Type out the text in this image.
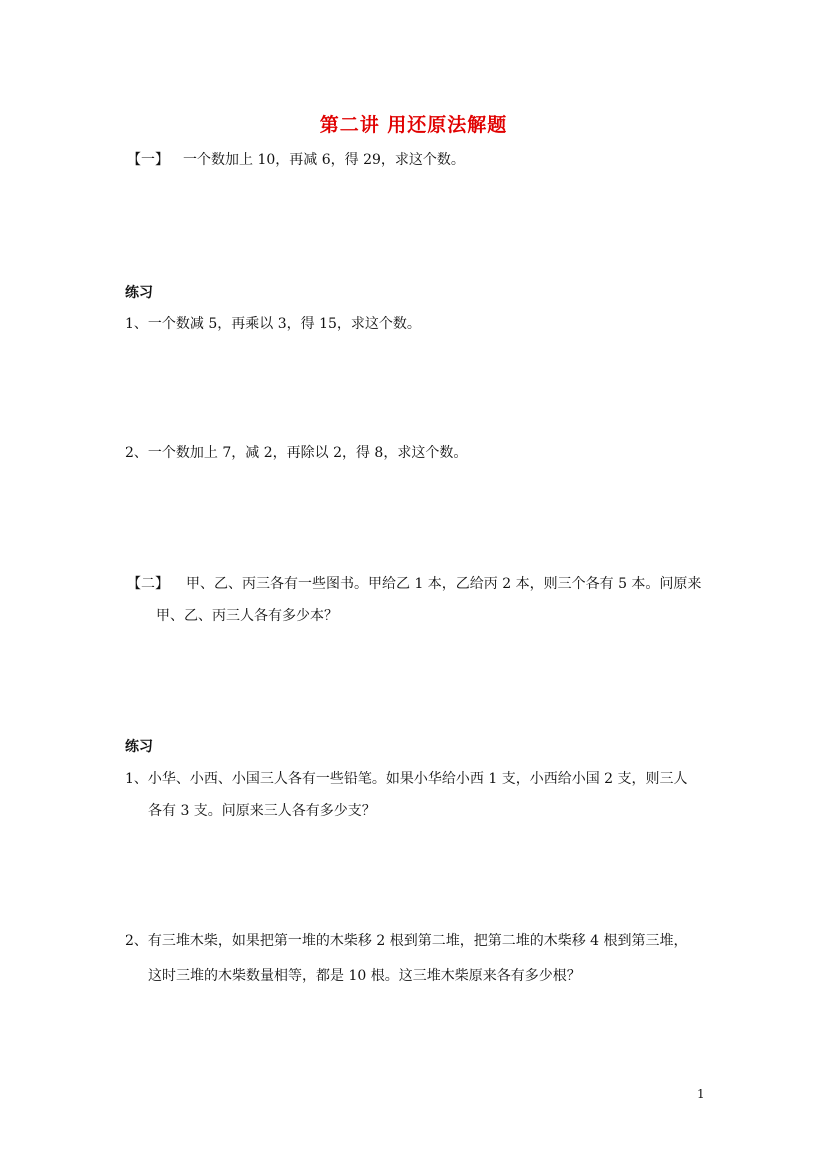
第二讲 用还原法解题
【一】 一个数加上 10，再减 6，得 29，求这个数。
练习
1、一个数减 5，再乘以 3，得 15，求这个数。
2、一个数加上 7，减 2，再除以 2，得 8，求这个数。
【二】 甲、乙、丙三各有一些图书。甲给乙 1 本，乙给丙 2 本，则三个各有 5 本。问原来
甲、乙、丙三人各有多少本？
练习
1、小华、小西、小国三人各有一些铅笔。如果小华给小西 1 支，小西给小国 2 支，则三人
各有 3 支。问原来三人各有多少支？
2、有三堆木柴，如果把第一堆的木柴移 2 根到第二堆，把第二堆的木柴移 4 根到第三堆，
这时三堆的木柴数量相等，都是 10 根。这三堆木柴原来各有多少根？
1
